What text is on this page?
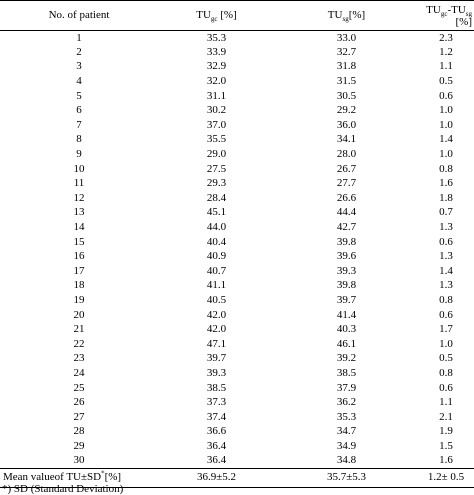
No. of patient	$TU_{gc}$ [%]	$TU_{sg}[\%]$	$TU_{gc}-TU_{sg}$
[%]
1	35.3	33.0	2.3
2	33.9	32.7	1.2
3	32.9	31.8	1.1
4	32.0	31.5	0.5
5	31.1	30.5	0.6
6	30.2	29.2	1.0
7	37.0	36.0	1.0
8	35.5	34.1	1.4
9	29.0	28.0	1.0
10	27.5	26.7	0.8
11	29.3	27.7	1.6
12	28.4	26.6	1.8
13	45.1	44.4	0.7
14	44.0	42.7	1.3
15	40.4	39.8	0.6
16	40.9	39.6	1.3
17	40.7	39.3	1.4
18	41.1	39.8	1.3
19	40.5	39.7	0.8
20	42.0	41.4	0.6
21	42.0	40.3	1.7
22	47.1	46.1	1.0
23	39.7	39.2	0.5
24	39.3	38.5	0.8
25	38.5	37.9	0.6
26	37.3	36.2	1.1
27	37.4	35.3	2.1
28	36.6	34.7	1.9
29	36.4	34.9	1.5
30	36.4	34.8	1.6
Mean valueof TU±SD*[%]	36.9±5.2	35.7±5.3	1.2± 0.5
*) SD (Standard Deviation)
